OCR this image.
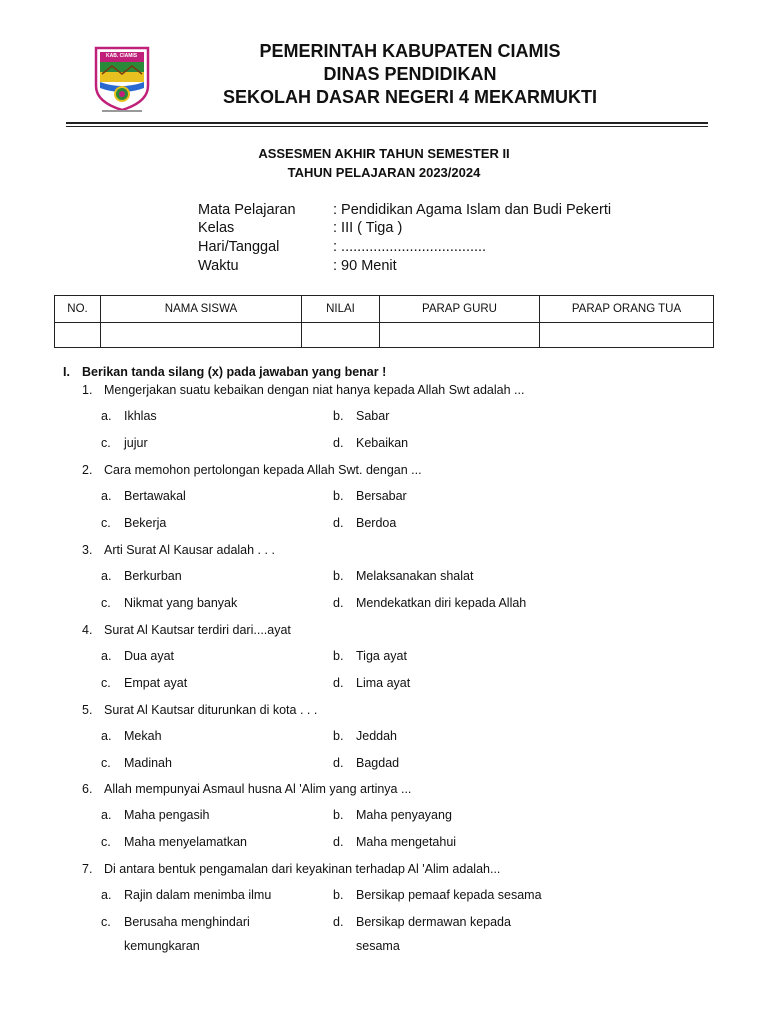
KAB. CIAMIS	PEMERINTAH KABUPATEN CIAMIS
DINAS PENDIDIKAN
SEKOLAH DASAR NEGERI 4 MEKARMUKTI
ASSESMEN AKHIR TAHUN SEMESTER II
TAHUN PELAJARAN 2023/2024
Mata Pelajaran	: Pendidikan Agama Islam dan Budi Pekerti
Kelas	: III ( Tiga )
Hari/Tanggal	: ....................................
Waktu	: 90 Menit
NO.	NAMA SISWA	NILAI	PARAP GURU	PARAP ORANG TUA

I. Berikan tanda silang (x) pada jawaban yang benar !
1. Mengerjakan suatu kebaikan dengan niat hanya kepada Allah Swt adalah ...
a. Ikhlas	b. Sabar
c. jujur	d. Kebaikan
2. Cara memohon pertolongan kepada Allah Swt. dengan ...
a. Bertawakal	b. Bersabar
c. Bekerja	d. Berdoa
3. Arti Surat Al Kausar adalah . . .
a. Berkurban	b. Melaksanakan shalat
c. Nikmat yang banyak	d. Mendekatkan diri kepada Allah
4. Surat Al Kautsar terdiri dari....ayat
a. Dua ayat	b. Tiga ayat
c. Empat ayat	d. Lima ayat
5. Surat Al Kautsar diturunkan di kota . . .
a. Mekah	b. Jeddah
c. Madinah	d. Bagdad
6. Allah mempunyai Asmaul husna Al 'Alim yang artinya ...
a. Maha pengasih	b. Maha penyayang
c. Maha menyelamatkan	d. Maha mengetahui
7. Di antara bentuk pengamalan dari keyakinan terhadap Al 'Alim adalah...
a. Rajin dalam menimba ilmu	b. Bersikap pemaaf kepada sesama
c. Berusaha menghindari	d. Bersikap dermawan kepada
kemungkaran	sesama
